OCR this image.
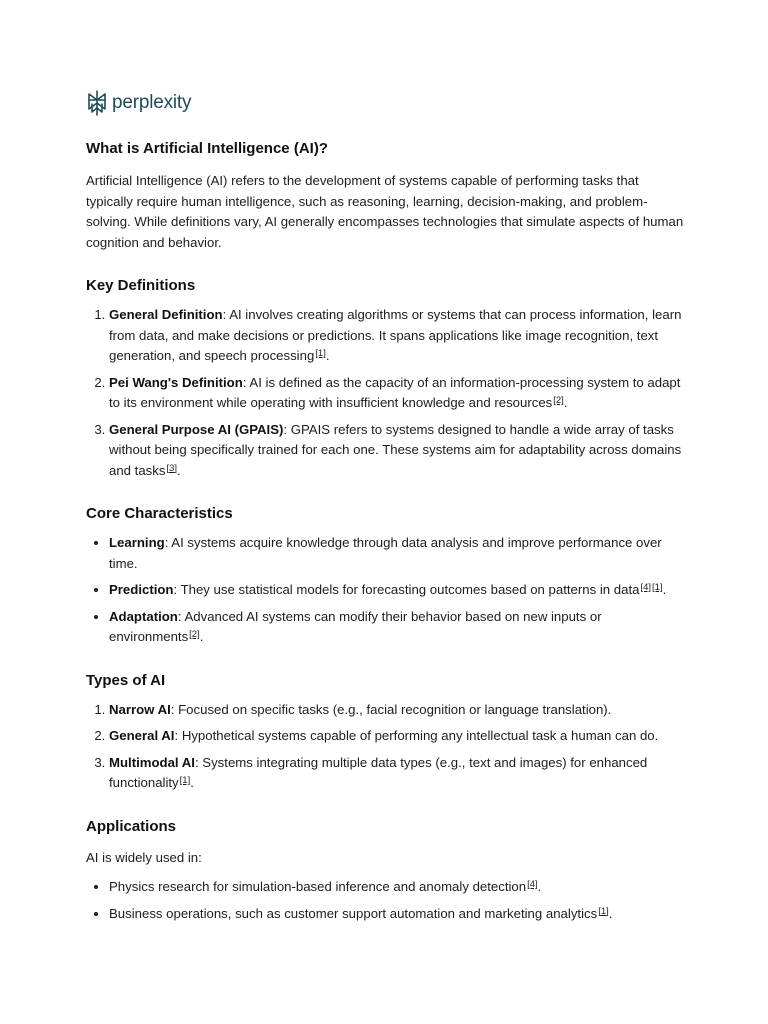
perplexity
What is Artificial Intelligence (AI)?

Artificial Intelligence (AI) refers to the development of systems capable of performing tasks that typically require human intelligence, such as reasoning, learning, decision-making, and problem-solving. While definitions vary, AI generally encompasses technologies that simulate aspects of human cognition and behavior.

Key Definitions
1. General Definition: AI involves creating algorithms or systems that can process information, learn from data, and make decisions or predictions. It spans applications like image recognition, text generation, and speech processing[1].
2. Pei Wang's Definition: AI is defined as the capacity of an information-processing system to adapt to its environment while operating with insufficient knowledge and resources[2].
3. General Purpose AI (GPAIS): GPAIS refers to systems designed to handle a wide array of tasks without being specifically trained for each one. These systems aim for adaptability across domains and tasks[3].
Core Characteristics
• Learning: AI systems acquire knowledge through data analysis and improve performance over time.
• Prediction: They use statistical models for forecasting outcomes based on patterns in data[4][1].
• Adaptation: Advanced AI systems can modify their behavior based on new inputs or environments[2].
Types of AI
1. Narrow AI: Focused on specific tasks (e.g., facial recognition or language translation).
2. General AI: Hypothetical systems capable of performing any intellectual task a human can do.
3. Multimodal AI: Systems integrating multiple data types (e.g., text and images) for enhanced functionality[1].
Applications

AI is widely used in:

• Physics research for simulation-based inference and anomaly detection[4].
• Business operations, such as customer support automation and marketing analytics[1].
